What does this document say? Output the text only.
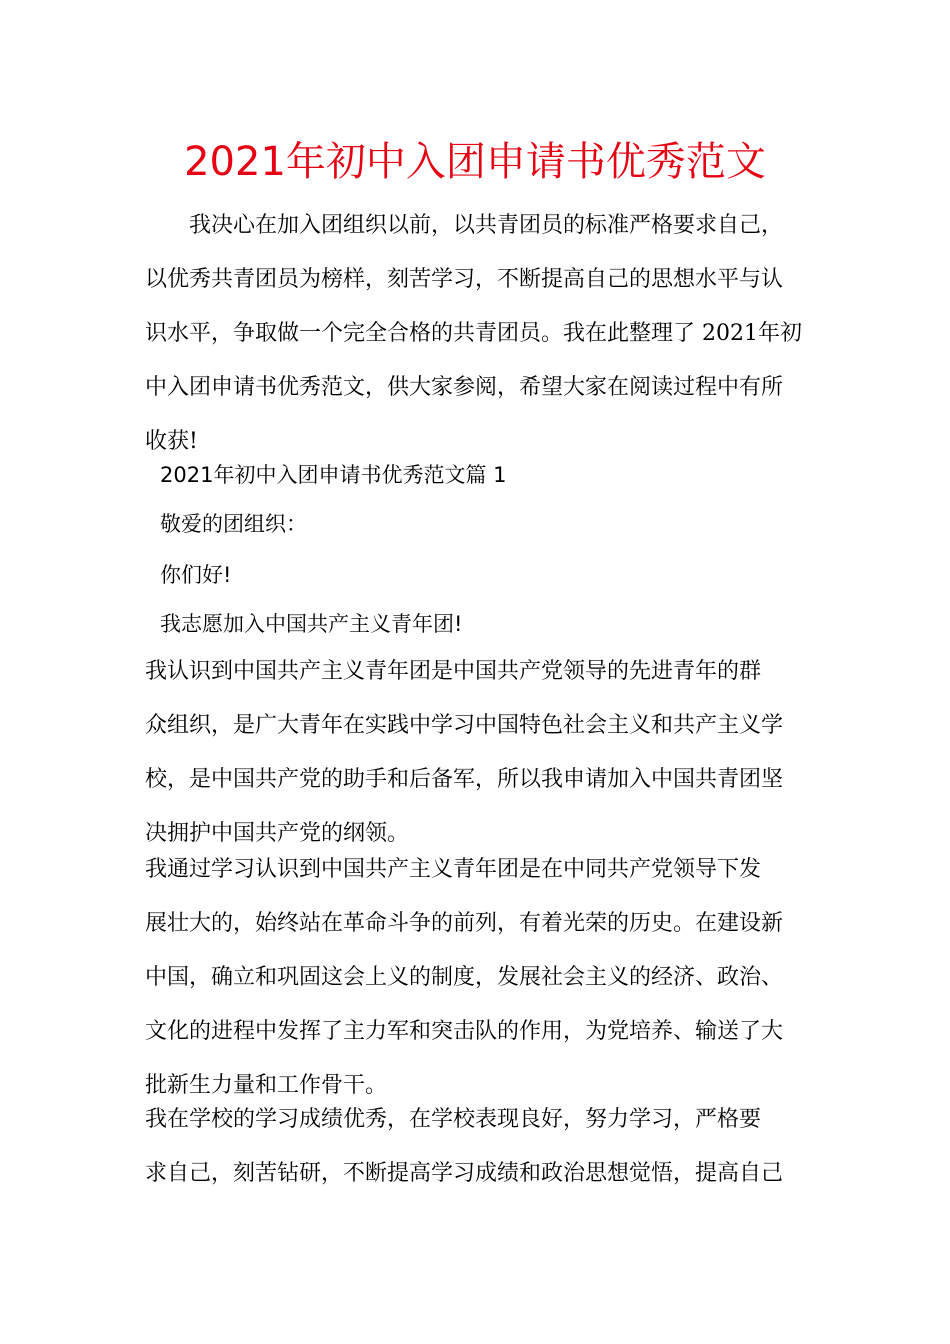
2021年初中入团申请书优秀范文
　　我决心在加入团组织以前，以共青团员的标准严格要求自己，
以优秀共青团员为榜样，刻苦学习，不断提高自己的思想水平与认
识水平，争取做一个完全合格的共青团员。我在此整理了 2021年初
中入团申请书优秀范文，供大家参阅，希望大家在阅读过程中有所
收获!
2021年初中入团申请书优秀范文篇 1
敬爱的团组织：
你们好!
我志愿加入中国共产主义青年团!
我认识到中国共产主义青年团是中国共产党领导的先进青年的群
众组织，是广大青年在实践中学习中国特色社会主义和共产主义学
校，是中国共产党的助手和后备军，所以我申请加入中国共青团坚
决拥护中国共产党的纲领。
我通过学习认识到中国共产主义青年团是在中同共产党领导下发
展壮大的，始终站在革命斗争的前列，有着光荣的历史。在建设新
中国，确立和巩固这会上义的制度，发展社会主义的经济、政治、
文化的进程中发挥了主力军和突击队的作用，为党培养、输送了大
批新生力量和工作骨干。
我在学校的学习成绩优秀，在学校表现良好，努力学习，严格要
求自己，刻苦钻研，不断提高学习成绩和政治思想觉悟，提高自己
